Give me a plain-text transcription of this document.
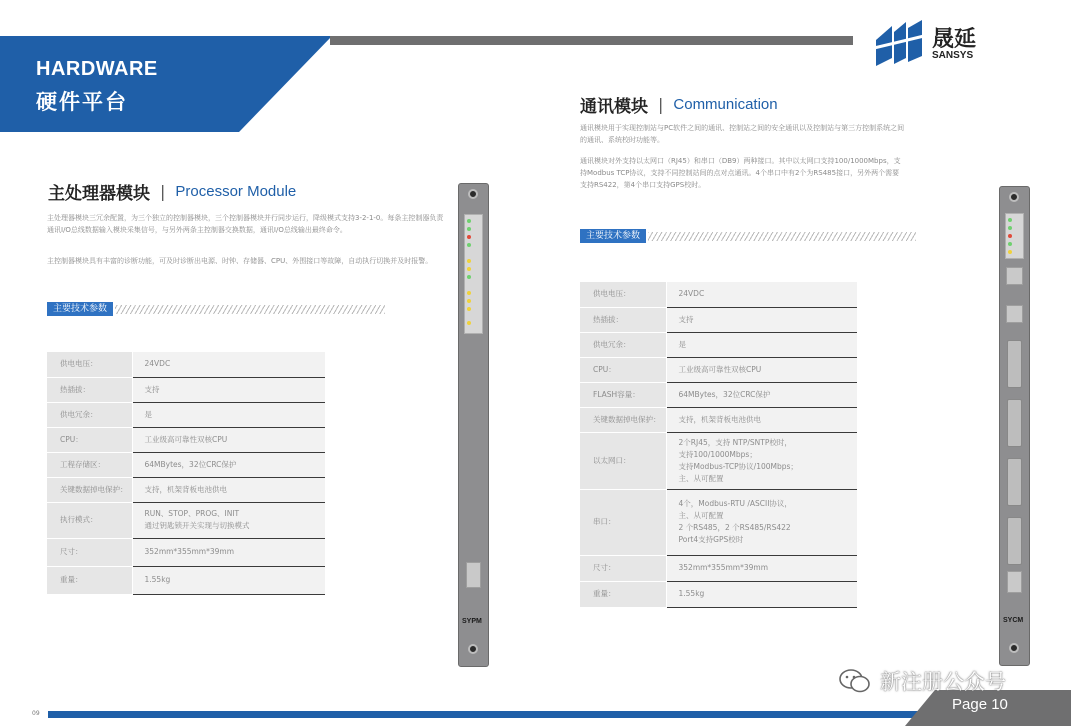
HARDWARE
硬件平台
晟延
SANSYS
主处理器模块 | Processor Module
主处理器模块三冗余配置，为三个独立的控制器模块，三个控制器模块并行同步运行，降级模式支持3-2-1-0。每条主控制器负责通讯I/O总线数据输入模块采集信号，与另外两条主控制器交换数据，通讯I/O总线输出最终命令。
主控制器模块具有丰富的诊断功能，可及时诊断出电源、时钟、存储器、CPU、外围接口等故障，自动执行切换并及时报警。
主要技术参数
供电电压：	24VDC
热插拔：	支持
供电冗余：	是
CPU：	工业级高可靠性双核CPU
工程存储区：	64MBytes，32位CRC保护
关键数据掉电保护：	支持，机架背板电池供电
执行模式：	RUN、STOP、PROG、INIT
通过钥匙锁开关实现与切换模式

尺寸：	352mm*355mm*39mm
重量：	1.55kg
SYPM
通讯模块 | Communication
通讯模块用于实现控制站与PC软件之间的通讯、控制站之间的安全通讯以及控制站与第三方控制系统之间的通讯、系统校时功能等。
通讯模块对外支持以太网口（RJ45）和串口（DB9）两种接口。其中以太网口支持100/1000Mbps，支持Modbus TCP协议，支持不同控制站间的点对点通讯。4个串口中有2个为RS485接口，另外两个需要支持RS422，第4个串口支持GPS校时。
主要技术参数
供电电压：	24VDC
热插拔：	支持
供电冗余：	是
CPU：	工业级高可靠性双核CPU
FLASH容量：	64MBytes，32位CRC保护
关键数据掉电保护：	支持，机架背板电池供电
以太网口：	2个RJ45，支持 NTP/SNTP校时，
支持100/1000Mbps；
支持Modbus-TCP协议/100Mbps；
主、从可配置

串口：	4个，Modbus-RTU /ASCII协议，
主、从可配置
2 个RS485，2 个RS485/RS422
Port4支持GPS校时

尺寸：	352mm*355mm*39mm
重量：	1.55kg
SYCM
09
Page 10
新注册公众号
